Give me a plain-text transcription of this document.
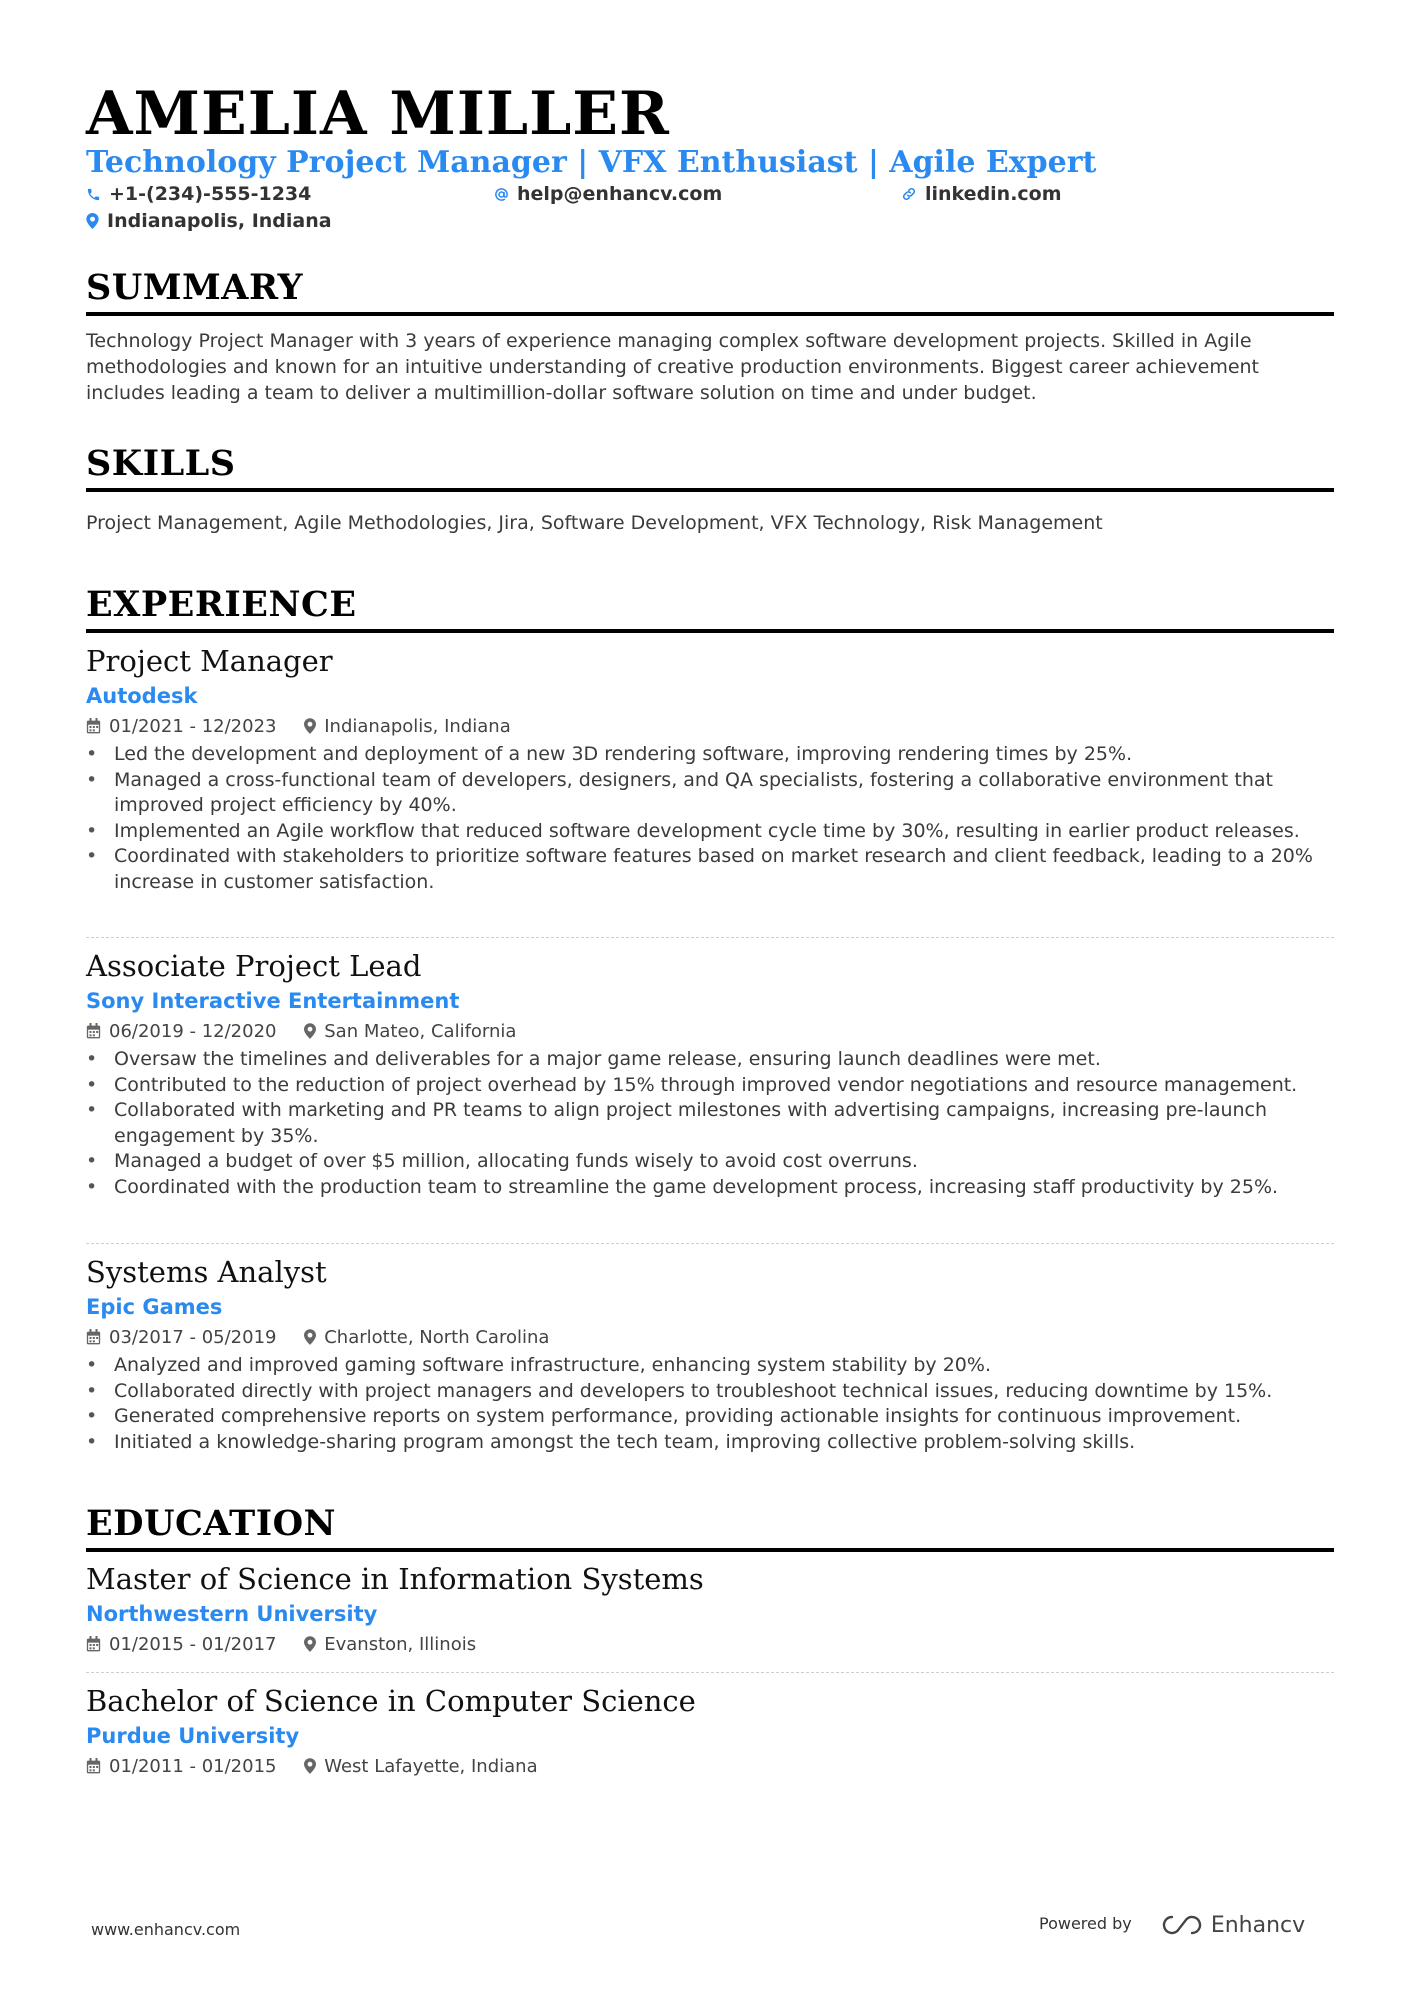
AMELIA MILLER
Technology Project Manager | VFX Enthusiast | Agile Expert
+1-(234)-555-1234	help@enhancv.com	linkedin.com
Indianapolis, Indiana
SUMMARY
Technology Project Manager with 3 years of experience managing complex software development projects. Skilled in Agile methodologies and known for an intuitive understanding of creative production environments. Biggest career achievement includes leading a team to deliver a multimillion-dollar software solution on time and under budget.
SKILLS
Project Management, Agile Methodologies, Jira, Software Development, VFX Technology, Risk Management
EXPERIENCE
Project Manager
Autodesk
01/2021 - 12/2023	Indianapolis, Indiana
• Led the development and deployment of a new 3D rendering software, improving rendering times by 25%.
• Managed a cross-functional team of developers, designers, and QA specialists, fostering a collaborative environment that improved project efficiency by 40%.
• Implemented an Agile workflow that reduced software development cycle time by 30%, resulting in earlier product releases.
• Coordinated with stakeholders to prioritize software features based on market research and client feedback, leading to a 20% increase in customer satisfaction.
Associate Project Lead
Sony Interactive Entertainment
06/2019 - 12/2020	San Mateo, California
• Oversaw the timelines and deliverables for a major game release, ensuring launch deadlines were met.
• Contributed to the reduction of project overhead by 15% through improved vendor negotiations and resource management.
• Collaborated with marketing and PR teams to align project milestones with advertising campaigns, increasing pre-launch engagement by 35%.
• Managed a budget of over $5 million, allocating funds wisely to avoid cost overruns.
• Coordinated with the production team to streamline the game development process, increasing staff productivity by 25%.
Systems Analyst
Epic Games
03/2017 - 05/2019	Charlotte, North Carolina
• Analyzed and improved gaming software infrastructure, enhancing system stability by 20%.
• Collaborated directly with project managers and developers to troubleshoot technical issues, reducing downtime by 15%.
• Generated comprehensive reports on system performance, providing actionable insights for continuous improvement.
• Initiated a knowledge-sharing program amongst the tech team, improving collective problem-solving skills.
EDUCATION
Master of Science in Information Systems
Northwestern University
01/2015 - 01/2017	Evanston, Illinois
Bachelor of Science in Computer Science
Purdue University
01/2011 - 01/2015	West Lafayette, Indiana
www.enhancv.com	Powered by	Enhancv
